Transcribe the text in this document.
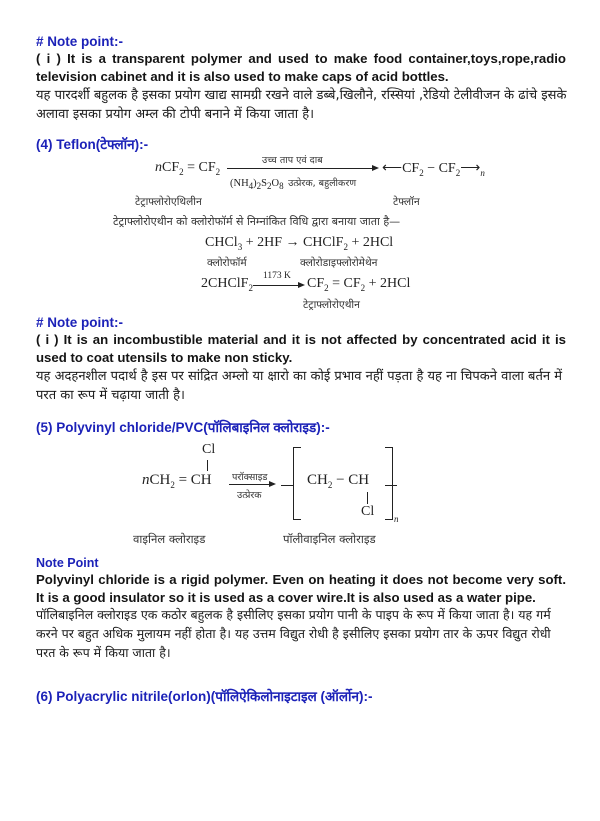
# Note point:-
( i ) It is a transparent polymer and used to make food container,toys,rope,radio television cabinet and it is also used to make caps of acid bottles.
यह पारदर्शी बहुलक है इसका प्रयोग खाद्य सामग्री रखने वाले डब्बे,खिलौने, रस्सियां ,रेडियो टेलीवीजन के ढांचे इसके अलावा इसका प्रयोग अम्ल की टोपी बनाने में किया जाता है।
(4) Teflon(टेफ्लॉन):-
$nCF_2 = CF_2$
उच्च ताप एवं दाब
$(NH_4)_2S_2O_8$ उत्प्रेरक, बहुलीकरण
$⟵CF_2$ − $CF_2⟶_n$
टेट्राफ्लोरोएथिलीन	टेफ्लॉन
टेट्राफ्लोरोएथीन को क्लोरोफॉर्म से निम्नांकित विधि द्वारा बनाया जाता है—
CHCl$_3$ + 2HF → CHClF$_2$ + 2HCl
क्लोरोफॉर्म	क्लोरोडाइफ्लोरोमेथेन
2CHClF$_2$
1173 K $CF_2 = CF_2 + 2HCl$
टेट्राफ्लोरोएथीन
# Note point:-
( i ) It is an incombustible material and it is not affected by concentrated acid it is used to coat utensils to make non sticky.
यह अदहनशील पदार्थ है इस पर सांद्रित अम्लो या क्षारो का कोई प्रभाव नहीं पड़ता है यह ना चिपकने वाला बर्तन में परत का रूप में चढ़ाया जाती है।
(5) Polyvinyl chloride/PVC(पॉलिबाइनिल क्लोराइड):-
Cl
nCH$_2$ = CH परॉक्साइड
उत्प्रेरक
$CH_2$ − CH
Cl n
वाइनिल क्लोराइड	पॉलीवाइनिल क्लोराइड
Note Point
Polyvinyl chloride is a rigid polymer. Even on heating it does not become very soft. It is a good insulator so it is used as a cover wire.It is also used as a water pipe.
पॉलिबाइनिल क्लोराइड एक कठोर बहुलक है इसीलिए इसका प्रयोग पानी के पाइप के रूप में किया जाता है। यह गर्म करने पर बहुत अधिक मुलायम नहीं होता है। यह उत्तम विद्युत रोधी है इसीलिए इसका प्रयोग तार के ऊपर विद्युत रोधी परत के रूप में किया जाता है।
(6) Polyacrylic nitrile(orlon)(पॉलिऐकिलोनाइटाइल (ऑर्लोन):-
